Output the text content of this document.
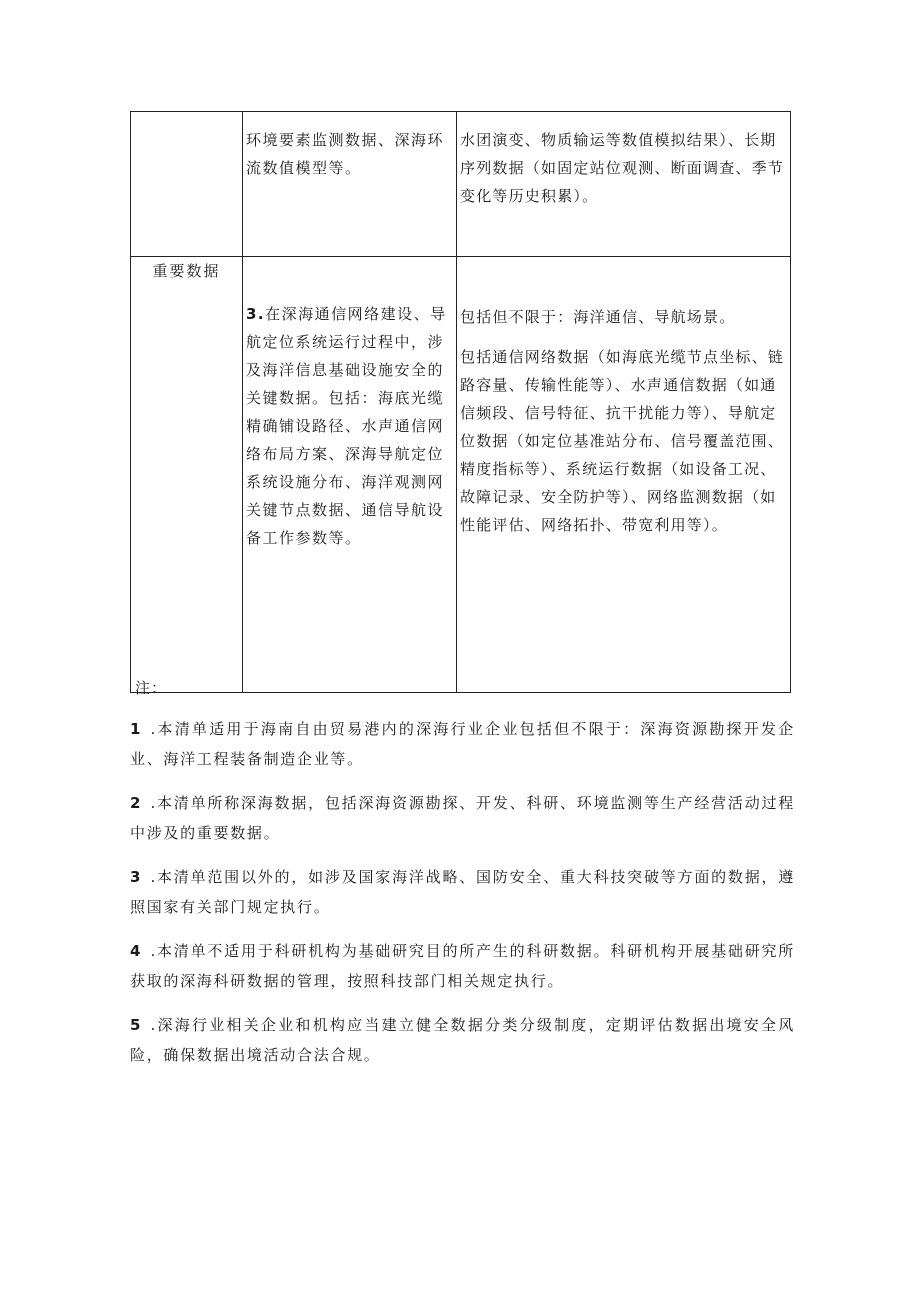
	环境要素监测数据、深海环流数值模型等。	水团演变、物质输运等数值模拟结果）、长期序列数据（如固定站位观测、断面调查、季节变化等历史积累）。
重要数据	3.在深海通信网络建设、导航定位系统运行过程中，涉及海洋信息基础设施安全的关键数据。包括：海底光缆精确铺设路径、水声通信网络布局方案、深海导航定位系统设施分布、海洋观测网关键节点数据、通信导航设备工作参数等。	包括但不限于：海洋通信、导航场景。
包括通信网络数据（如海底光缆节点坐标、链路容量、传输性能等）、水声通信数据（如通信频段、信号特征、抗干扰能力等）、导航定位数据（如定位基准站分布、信号覆盖范围、精度指标等）、系统运行数据（如设备工况、故障记录、安全防护等）、网络监测数据（如性能评估、网络拓扑、带宽利用等）。
注：
1 .本清单适用于海南自由贸易港内的深海行业企业包括但不限于：深海资源勘探开发企业、海洋工程装备制造企业等。
2 .本清单所称深海数据，包括深海资源勘探、开发、科研、环境监测等生产经营活动过程中涉及的重要数据。
3 .本清单范围以外的，如涉及国家海洋战略、国防安全、重大科技突破等方面的数据，遵照国家有关部门规定执行。
4 .本清单不适用于科研机构为基础研究目的所产生的科研数据。科研机构开展基础研究所获取的深海科研数据的管理，按照科技部门相关规定执行。
5 .深海行业相关企业和机构应当建立健全数据分类分级制度，定期评估数据出境安全风险，确保数据出境活动合法合规。
